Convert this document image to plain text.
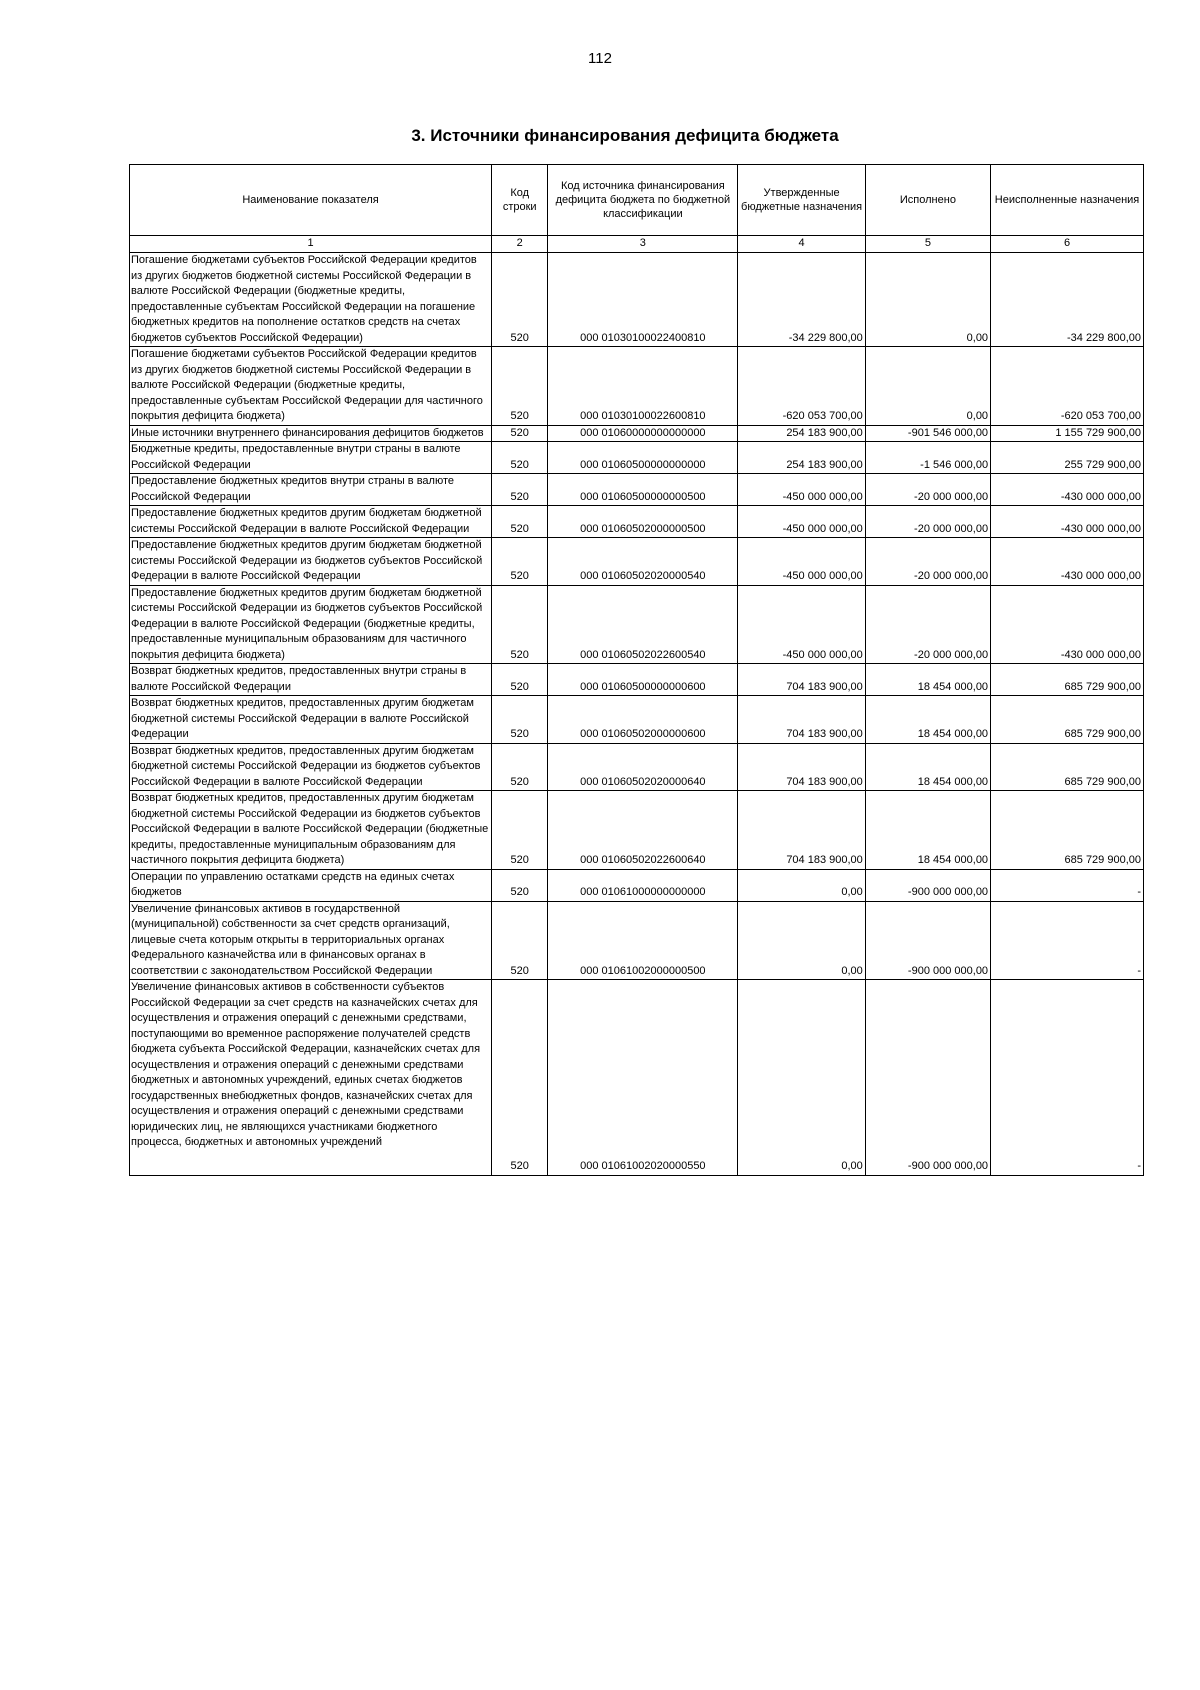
112
3. Источники финансирования дефицита бюджета
Наименование показателя	Код строки	Код источника финансирования дефицита бюджета по бюджетной классификации	Утвержденные бюджетные назначения	Исполнено	Неисполненные назначения
1	2	3	4	5	6
Погашение бюджетами субъектов Российской Федерации кредитов из других бюджетов бюджетной системы Российской Федерации в валюте Российской Федерации (бюджетные кредиты, предоставленные субъектам Российской Федерации на погашение бюджетных кредитов на пополнение остатков средств на счетах бюджетов субъектов Российской Федерации)	520	000 01030100022400810	-34 229 800,00	0,00	-34 229 800,00
Погашение бюджетами субъектов Российской Федерации кредитов из других бюджетов бюджетной системы Российской Федерации в валюте Российской Федерации (бюджетные кредиты, предоставленные субъектам Российской Федерации для частичного покрытия дефицита бюджета)	520	000 01030100022600810	-620 053 700,00	0,00	-620 053 700,00
Иные источники внутреннего финансирования дефицитов бюджетов	520	000 01060000000000000	254 183 900,00	-901 546 000,00	1 155 729 900,00
Бюджетные кредиты, предоставленные внутри страны в валюте Российской Федерации	520	000 01060500000000000	254 183 900,00	-1 546 000,00	255 729 900,00
Предоставление бюджетных кредитов внутри страны в валюте Российской Федерации	520	000 01060500000000500	-450 000 000,00	-20 000 000,00	-430 000 000,00
Предоставление бюджетных кредитов другим бюджетам бюджетной системы Российской Федерации в валюте Российской Федерации	520	000 01060502000000500	-450 000 000,00	-20 000 000,00	-430 000 000,00
Предоставление бюджетных кредитов другим бюджетам бюджетной системы Российской Федерации из бюджетов субъектов Российской Федерации в валюте Российской Федерации	520	000 01060502020000540	-450 000 000,00	-20 000 000,00	-430 000 000,00
Предоставление бюджетных кредитов другим бюджетам бюджетной системы Российской Федерации из бюджетов субъектов Российской Федерации в валюте Российской Федерации (бюджетные кредиты, предоставленные муниципальным образованиям для частичного покрытия дефицита бюджета)	520	000 01060502022600540	-450 000 000,00	-20 000 000,00	-430 000 000,00
Возврат бюджетных кредитов, предоставленных внутри страны в валюте Российской Федерации	520	000 01060500000000600	704 183 900,00	18 454 000,00	685 729 900,00
Возврат бюджетных кредитов, предоставленных другим бюджетам бюджетной системы Российской Федерации в валюте Российской Федерации	520	000 01060502000000600	704 183 900,00	18 454 000,00	685 729 900,00
Возврат бюджетных кредитов, предоставленных другим бюджетам бюджетной системы Российской Федерации из бюджетов субъектов Российской Федерации в валюте Российской Федерации	520	000 01060502020000640	704 183 900,00	18 454 000,00	685 729 900,00
Возврат бюджетных кредитов, предоставленных другим бюджетам бюджетной системы Российской Федерации из бюджетов субъектов Российской Федерации в валюте Российской Федерации (бюджетные кредиты, предоставленные муниципальным образованиям для частичного покрытия дефицита бюджета)	520	000 01060502022600640	704 183 900,00	18 454 000,00	685 729 900,00
Операции по управлению остатками средств на единых счетах бюджетов	520	000 01061000000000000	0,00	-900 000 000,00	-
Увеличение финансовых активов в государственной (муниципальной) собственности за счет средств организаций, лицевые счета которым открыты в территориальных органах Федерального казначейства или в финансовых органах в соответствии с законодательством Российской Федерации	520	000 01061002000000500	0,00	-900 000 000,00	-
Увеличение финансовых активов в собственности субъектов Российской Федерации за счет средств на казначейских счетах для осуществления и отражения операций с денежными средствами, поступающими во временное распоряжение получателей средств бюджета субъекта Российской Федерации, казначейских счетах для осуществления и отражения операций с денежными средствами бюджетных и автономных учреждений, единых счетах бюджетов государственных внебюджетных фондов, казначейских счетах для осуществления и отражения операций с денежными средствами юридических лиц, не являющихся участниками бюджетного процесса, бюджетных и автономных учреждений	520	000 01061002020000550	0,00	-900 000 000,00	-
